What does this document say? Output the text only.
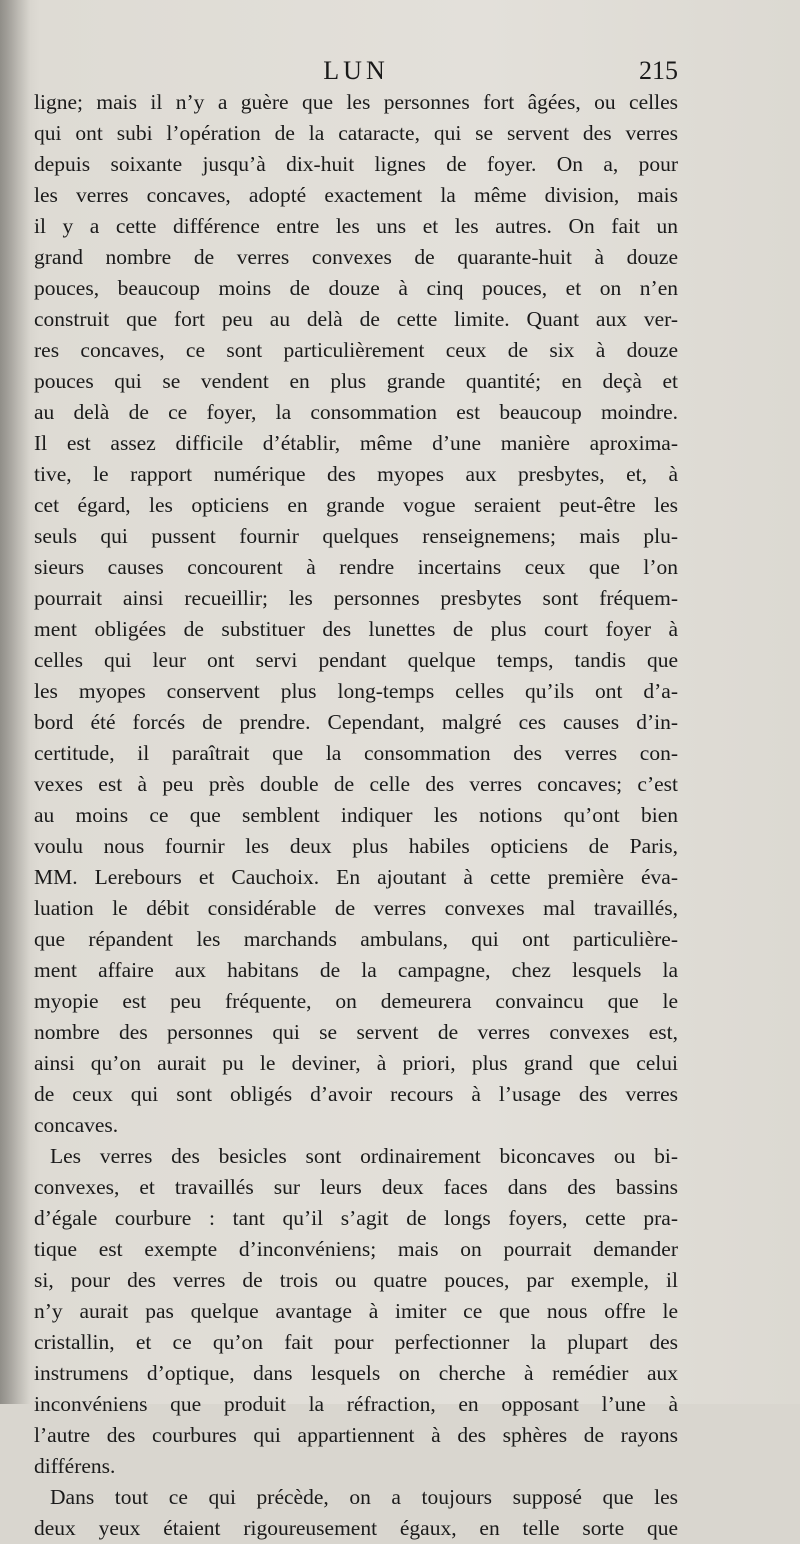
LUN	215
ligne; mais il n’y a guère que les personnes fort âgées, ou celles
qui ont subi l’opération de la cataracte, qui se servent des verres
depuis soixante jusqu’à dix-huit lignes de foyer. On a, pour
les verres concaves, adopté exactement la même division, mais
il y a cette différence entre les uns et les autres. On fait un
grand nombre de verres convexes de quarante-huit à douze
pouces, beaucoup moins de douze à cinq pouces, et on n’en
construit que fort peu au delà de cette limite. Quant aux ver-
res concaves, ce sont particulièrement ceux de six à douze
pouces qui se vendent en plus grande quantité; en deçà et
au delà de ce foyer, la consommation est beaucoup moindre.
Il est assez difficile d’établir, même d’une manière aproxima-
tive, le rapport numérique des myopes aux presbytes, et, à
cet égard, les opticiens en grande vogue seraient peut-être les
seuls qui pussent fournir quelques renseignemens; mais plu-
sieurs causes concourent à rendre incertains ceux que l’on
pourrait ainsi recueillir; les personnes presbytes sont fréquem-
ment obligées de substituer des lunettes de plus court foyer à
celles qui leur ont servi pendant quelque temps, tandis que
les myopes conservent plus long-temps celles qu’ils ont d’a-
bord été forcés de prendre. Cependant, malgré ces causes d’in-
certitude, il paraîtrait que la consommation des verres con-
vexes est à peu près double de celle des verres concaves; c’est
au moins ce que semblent indiquer les notions qu’ont bien
voulu nous fournir les deux plus habiles opticiens de Paris,
MM. Lerebours et Cauchoix. En ajoutant à cette première éva-
luation le débit considérable de verres convexes mal travaillés,
que répandent les marchands ambulans, qui ont particulière-
ment affaire aux habitans de la campagne, chez lesquels la
myopie est peu fréquente, on demeurera convaincu que le
nombre des personnes qui se servent de verres convexes est,
ainsi qu’on aurait pu le deviner, à priori, plus grand que celui
de ceux qui sont obligés d’avoir recours à l’usage des verres
concaves.
Les verres des besicles sont ordinairement biconcaves ou bi-
convexes, et travaillés sur leurs deux faces dans des bassins
d’égale courbure : tant qu’il s’agit de longs foyers, cette pra-
tique est exempte d’inconvéniens; mais on pourrait demander
si, pour des verres de trois ou quatre pouces, par exemple, il
n’y aurait pas quelque avantage à imiter ce que nous offre le
cristallin, et ce qu’on fait pour perfectionner la plupart des
instrumens d’optique, dans lesquels on cherche à remédier aux
inconvéniens que produit la réfraction, en opposant l’une à
l’autre des courbures qui appartiennent à des sphères de rayons
différens.
Dans tout ce qui précède, on a toujours supposé que les
deux yeux étaient rigoureusement égaux, en telle sorte que
